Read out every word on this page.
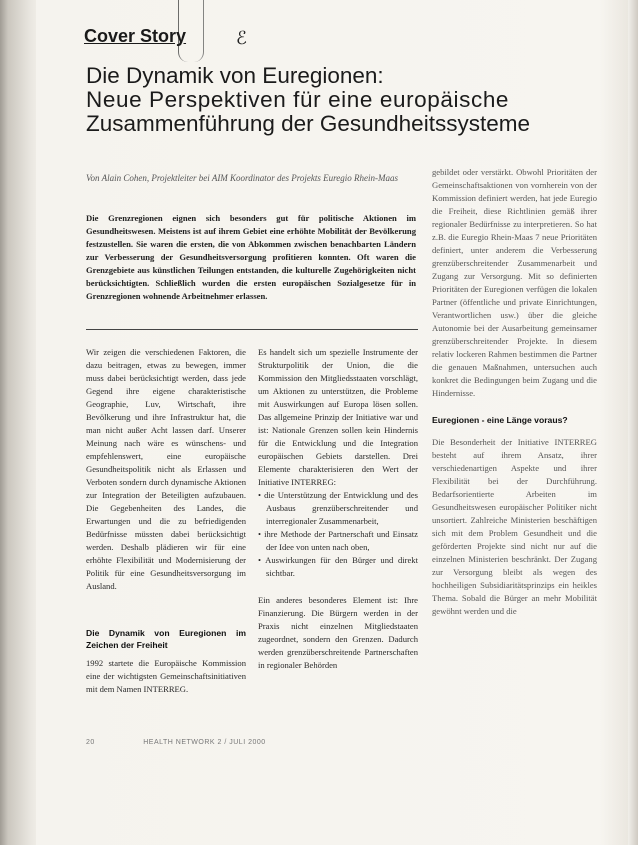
ℰ
Cover Story
Die Dynamik von Euregionen:
Neue Perspektiven für eine europäische
Zusammenführung der Gesundheitssysteme
Von Alain Cohen, Projektleiter bei AIM Koordinator des Projekts Euregio Rhein-Maas
Die Grenzregionen eignen sich besonders gut für politische Aktionen im Gesundheitswesen. Meistens ist auf ihrem Gebiet eine erhöhte Mobilität der Bevölkerung festzustellen. Sie waren die ersten, die von Abkommen zwischen benachbarten Ländern zur Verbesserung der Gesundheitsversorgung profitieren konnten. Oft waren die Grenzgebiete aus künstlichen Teilungen entstanden, die kulturelle Zugehörigkeiten nicht berücksichtigten. Schließlich wurden die ersten europäischen Sozialgesetze für in Grenzregionen wohnende Arbeitnehmer erlassen.

Wir zeigen die verschiedenen Faktoren, die dazu beitragen, etwas zu bewegen, immer muss dabei berücksichtigt werden, dass jede Gegend ihre eigene charakteristische Geographie, Luv, Wirtschaft, ihre Bevölkerung und ihre Infrastruktur hat, die man nicht außer Acht lassen darf. Unserer Meinung nach wäre es wünschens- und empfehlenswert, eine europäische Gesundheitspolitik nicht als Erlassen und Verboten sondern durch dynamische Aktionen zur Integration der Beteiligten aufzubauen. Die Gegebenheiten des Landes, die Erwartungen und die zu befriedigenden Bedürfnisse müssten dabei berücksichtigt werden. Deshalb plädieren wir für eine erhöhte Flexibilität und Modernisierung der Politik für eine Gesundheitsversorgung im Ausland.

Die Dynamik von Euregionen im Zeichen der Freiheit

1992 startete die Europäische Kommission eine der wichtigsten Gemeinschaftsinitiativen mit dem Namen INTERREG.

Es handelt sich um spezielle Instrumente der Strukturpolitik der Union, die die Kommission den Mitgliedsstaaten vorschlägt, um Aktionen zu unterstützen, die Probleme mit Auswirkungen auf Europa lösen sollen. Das allgemeine Prinzip der Initiative war und ist: Nationale Grenzen sollen kein Hindernis für die Entwicklung und die Integration europäischen Gebiets darstellen. Drei Elemente charakterisieren den Wert der Initiative INTERREG:

• die Unterstützung der Entwicklung und des Ausbaus grenzüberschreitender und interregionaler Zusammenarbeit,
• ihre Methode der Partnerschaft und Einsatz der Idee von unten nach oben,
• Auswirkungen für den Bürger und direkt sichtbar.

Ein anderes besonderes Element ist: Ihre Finanzierung. Die Bürgern werden in der Praxis nicht einzelnen Mitgliedstaaten zugeordnet, sondern den Grenzen. Dadurch werden grenzüberschreitende Partnerschaften in regionaler Behörden

gebildet oder verstärkt. Obwohl Prioritäten der Gemeinschaftsaktionen von vornherein von der Kommission definiert werden, hat jede Euregio die Freiheit, diese Richtlinien gemäß ihrer regionaler Bedürfnisse zu interpretieren. So hat z.B. die Euregio Rhein-Maas 7 neue Prioritäten definiert, unter anderem die Verbesserung grenzüberschreitender Zusammenarbeit und Zugang zur Versorgung. Mit so definierten Prioritäten der Euregionen verfügen die lokalen Partner (öffentliche und private Einrichtungen, Verantwortlichen usw.) über die gleiche Autonomie bei der Ausarbeitung gemeinsamer grenzüberschreitender Projekte. In diesem relativ lockeren Rahmen bestimmen die Partner die genauen Maßnahmen, untersuchen auch konkret die Bedingungen beim Zugang und die Hindernisse.

Euregionen - eine Länge voraus?

Die Besonderheit der Initiative INTERREG besteht auf ihrem Ansatz, ihrer verschiedenartigen Aspekte und ihrer Flexibilität bei der Durchführung. Bedarfsorientierte Arbeiten im Gesundheitswesen europäischer Politiker nicht unsortiert. Zahlreiche Ministerien beschäftigen sich mit dem Problem Gesundheit und die geförderten Projekte sind nicht nur auf die einzelnen Ministerien beschränkt. Der Zugang zur Versorgung bleibt als wegen des hochheiligen Subsidiaritätsprinzips ein heikles Thema. Sobald die Bürger an mehr Mobilität gewöhnt werden und die

20	HEALTH NETWORK 2 / JULI 2000
